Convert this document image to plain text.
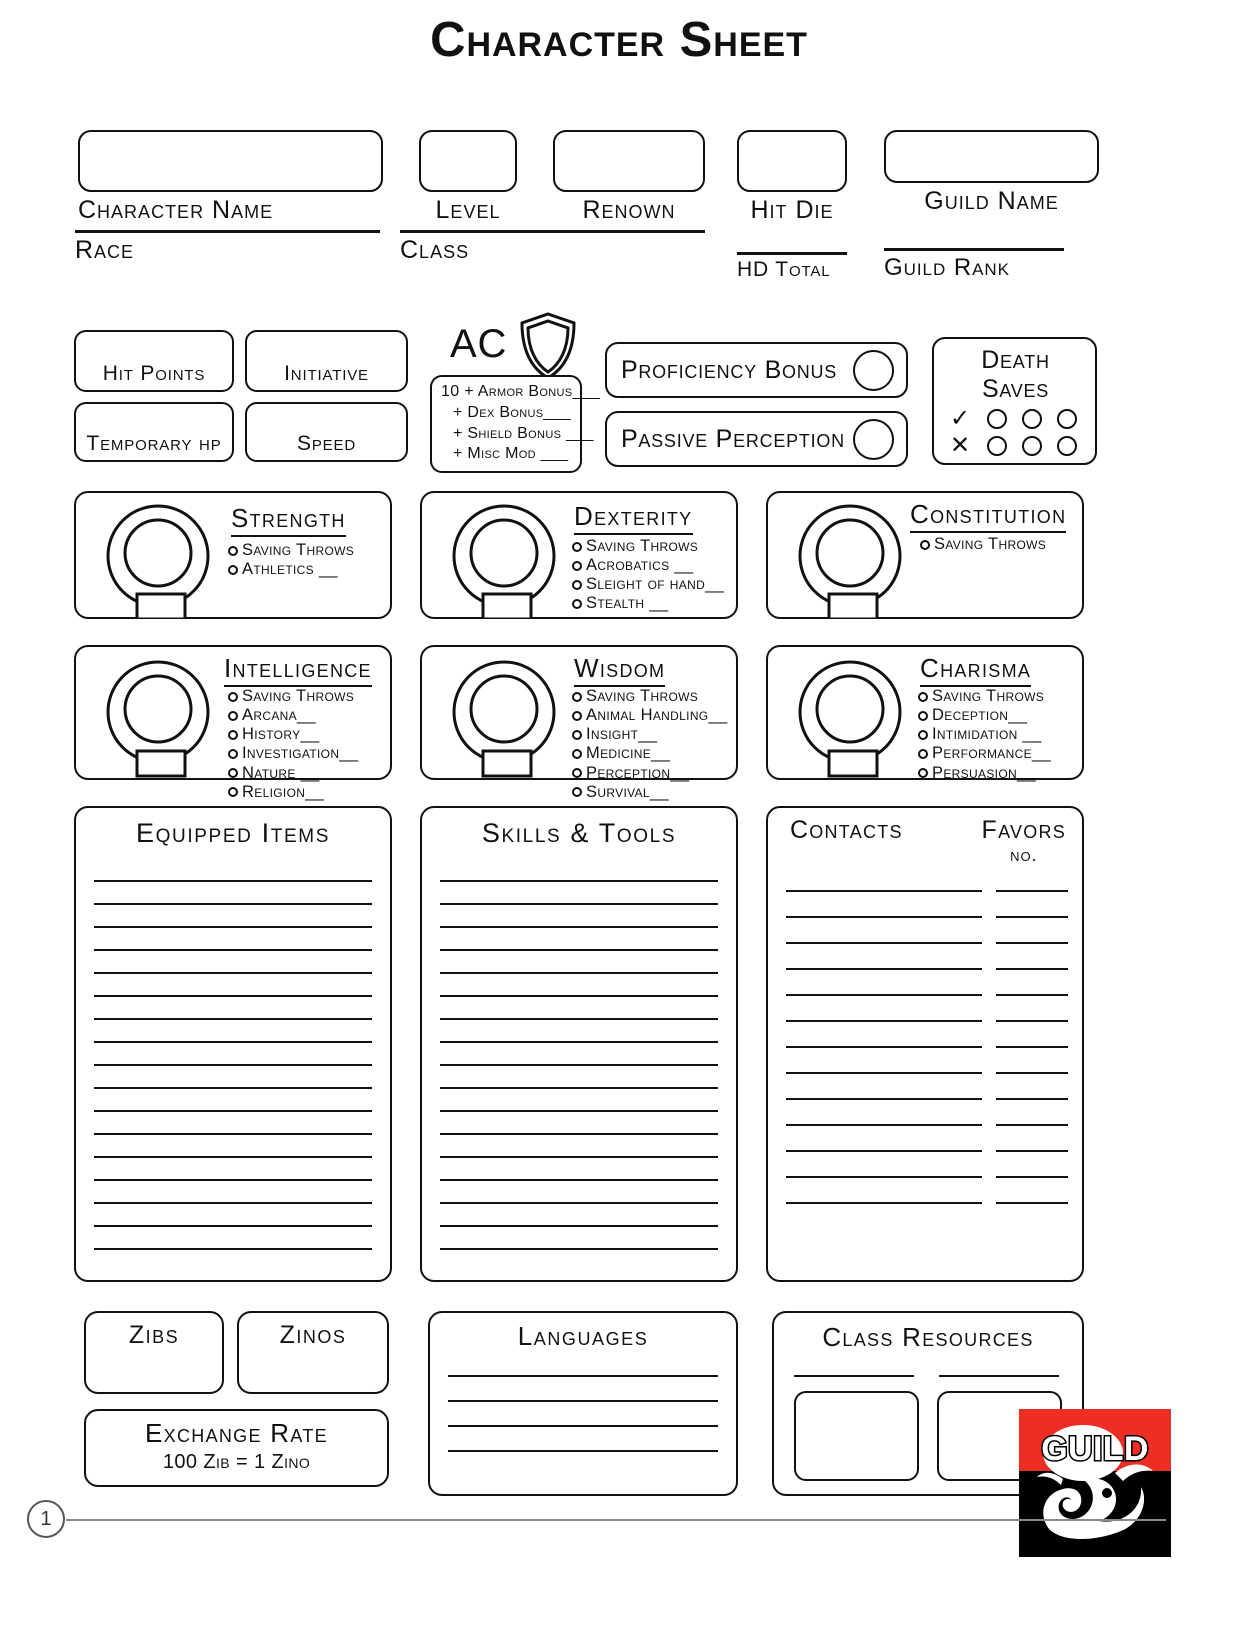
Character Sheet
Character Name	Level	Renown	Hit Die	Guild Name
Race	Class
HD Total	Guild Rank
Hit Points
Temporary hp
Initiative
Speed
AC
10 + Armor Bonus___
+ Dex Bonus___
+ Shield Bonus ___
+ Misc Mod ___
Proficiency Bonus
Passive Perception
Death Saves
✓
✕
Strength
Saving Throws
Athletics __
Dexterity
Saving Throws
Acrobatics __
Sleight of hand__
Stealth __
Constitution
Saving Throws
Intelligence
Saving Throws
Arcana__
History__
Investigation__
Nature __
Religion__
Wisdom
Saving Throws
Animal Handling__
Insight__
Medicine__
Perception__
Survival__
Charisma
Saving Throws
Deception__
Intimidation __
Performance__
Persuasion__
Equipped Items	Skills & Tools	Contacts	Favors
no.
Zibs	Zinos
Exchange Rate
100 Zib = 1 Zino
Languages	Class Resources
GUILD
1
